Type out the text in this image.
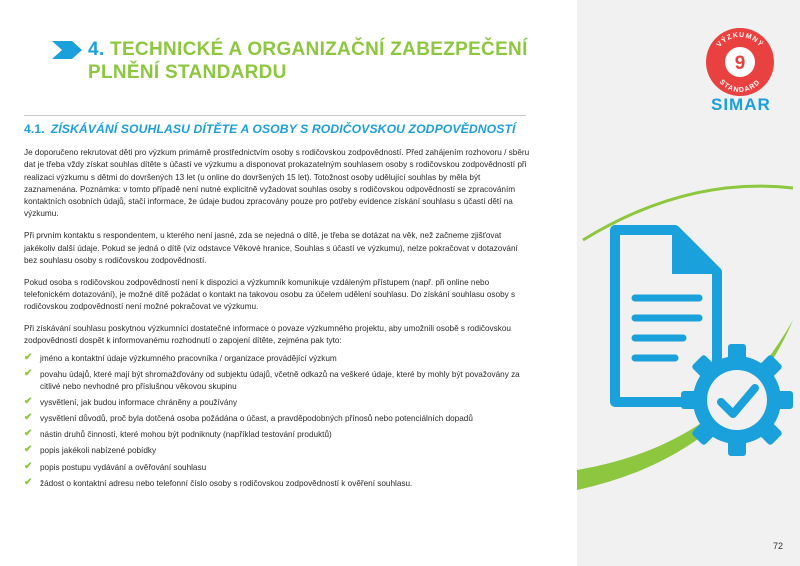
4. TECHNICKÉ A ORGANIZAČNÍ ZABEZPEČENÍ PLNĚNÍ STANDARDU
4.1. ZÍSKÁVÁNÍ SOUHLASU DÍTĚTE A OSOBY S RODIČOVSKOU ZODPOVĚDNOSTÍ

Je doporučeno rekrutovat děti pro výzkum primárně prostřednictvím osoby s rodičovskou zodpovědností. Před zahájením rozhovoru / sběru dat je třeba vždy získat souhlas dítěte s účastí ve výzkumu a disponovat prokazatelným souhlasem osoby s rodičovskou zodpovědností při realizaci výzkumu s dětmi do dovršených 13 let (u online do dovršených 15 let). Totožnost osoby udělující souhlas by měla být zaznamenána. Poznámka: v tomto případě není nutné explicitně vyžadovat souhlas osoby s rodičovskou odpovědností se zpracováním kontaktních osobních údajů, stačí informace, že údaje budou zpracovány pouze pro potřeby evidence získání souhlasu s účastí dětí na výzkumu.

Při prvním kontaktu s respondentem, u kterého není jasné, zda se nejedná o dítě, je třeba se dotázat na věk, než začneme zjišťovat jakékoliv další údaje. Pokud se jedná o dítě (viz odstavce Věkové hranice, Souhlas s účastí ve výzkumu), nelze pokračovat v dotazování bez souhlasu osoby s rodičovskou zodpovědností.

Pokud osoba s rodičovskou zodpovědností není k dispozici a výzkumník komunikuje vzdáleným přístupem (např. při online nebo telefonickém dotazování), je možné dítě požádat o kontakt na takovou osobu za účelem udělení souhlasu. Do získání souhlasu osoby s rodičovskou zodpovědností není možné pokračovat ve výzkumu.

Při získávání souhlasu poskytnou výzkumníci dostatečné informace o povaze výzkumného projektu, aby umožnili osobě s rodičovskou zodpovědností dospět k informovanému rozhodnutí o zapojení dítěte, zejména pak tyto:

✔ jméno a kontaktní údaje výzkumného pracovníka / organizace provádějící výzkum
✔ povahu údajů, které mají být shromažďovány od subjektu údajů, včetně odkazů na veškeré údaje, které by mohly být považovány za citlivé nebo nevhodné pro příslušnou věkovou skupinu
✔ vysvětlení, jak budou informace chráněny a používány
✔ vysvětlení důvodů, proč byla dotčená osoba požádána o účast, a pravděpodobných přínosů nebo potenciálních dopadů
✔ nástin druhů činností, které mohou být podniknuty (například testování produktů)
✔ popis jakékoli nabízené pobídky
✔ popis postupu vydávání a ověřování souhlasu
✔ žádost o kontaktní adresu nebo telefonní číslo osoby s rodičovskou zodpovědností k ověření souhlasu.
9
VÝZKUMNÝ
STANDARD
SIMAR
72
